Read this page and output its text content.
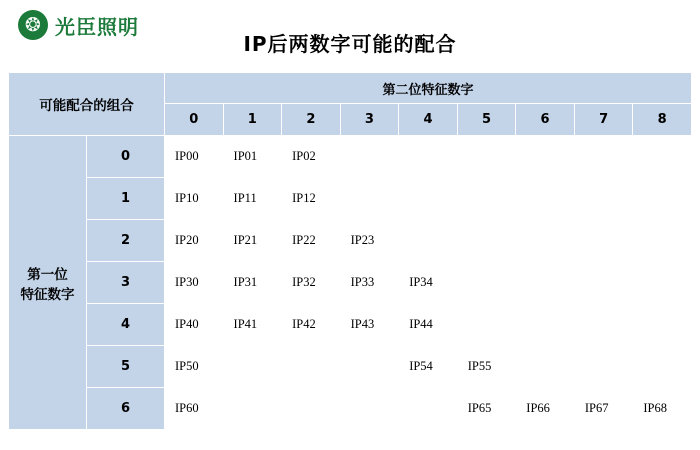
❂ 光臣照明
IP后两数字可能的配合
可能配合的组合		第二位特征数字								
		0	1	2	3	4	5	6	7	8

第一位
特征数字	0	IP00	IP01	IP02						

	1	IP10	IP11	IP12						

	2	IP20	IP21	IP22	IP23					

	3	IP30	IP31	IP32	IP33	IP34				

	4	IP40	IP41	IP42	IP43	IP44				

	5	IP50				IP54	IP55			

	6	IP60					IP65	IP66	IP67	IP68
